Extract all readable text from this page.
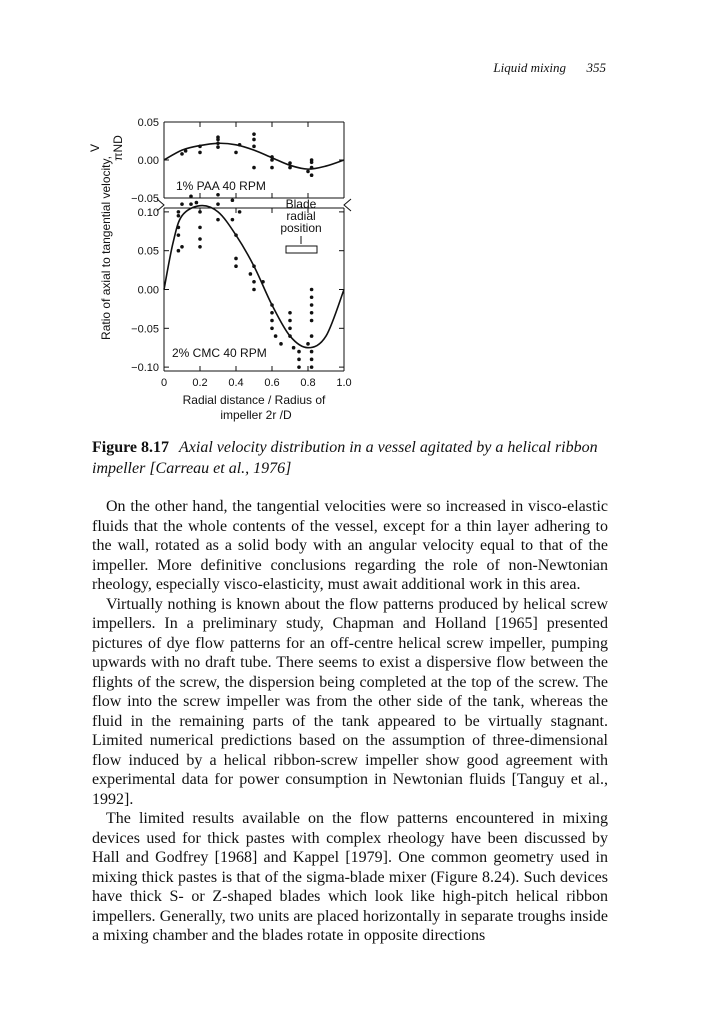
Liquid mixing 355
0.05
0.00
−0.05
0.10
0.05
0.00
−0.05
−0.10
0 0.2 0.4 0.6 0.8 1.0
1% PAA 40 RPM
2% CMC 40 RPM
Blade
radial
position
Radial distance / Radius of
impeller 2r /D
Ratio of axial to tangential velocity,
V πND
Figure 8.17 Axial velocity distribution in a vessel agitated by a helical ribbon impeller [Carreau et al., 1976]

On the other hand, the tangential velocities were so increased in visco-elastic fluids that the whole contents of the vessel, except for a thin layer adhering to the wall, rotated as a solid body with an angular velocity equal to that of the impeller. More definitive conclusions regarding the role of non-Newtonian rheology, especially visco-elasticity, must await additional work in this area.

Virtually nothing is known about the flow patterns produced by helical screw impellers. In a preliminary study, Chapman and Holland [1965] presented pictures of dye flow patterns for an off-centre helical screw impeller, pumping upwards with no draft tube. There seems to exist a dispersive flow between the flights of the screw, the dispersion being completed at the top of the screw. The flow into the screw impeller was from the other side of the tank, whereas the fluid in the remaining parts of the tank appeared to be virtually stagnant. Limited numerical predictions based on the assumption of three-dimensional flow induced by a helical ribbon-screw impeller show good agreement with experimental data for power consumption in Newtonian fluids [Tanguy et al., 1992].

The limited results available on the flow patterns encountered in mixing devices used for thick pastes with complex rheology have been discussed by Hall and Godfrey [1968] and Kappel [1979]. One common geometry used in mixing thick pastes is that of the sigma-blade mixer (Figure 8.24). Such devices have thick S- or Z-shaped blades which look like high-pitch helical ribbon impellers. Generally, two units are placed horizontally in separate troughs inside a mixing chamber and the blades rotate in opposite directions
